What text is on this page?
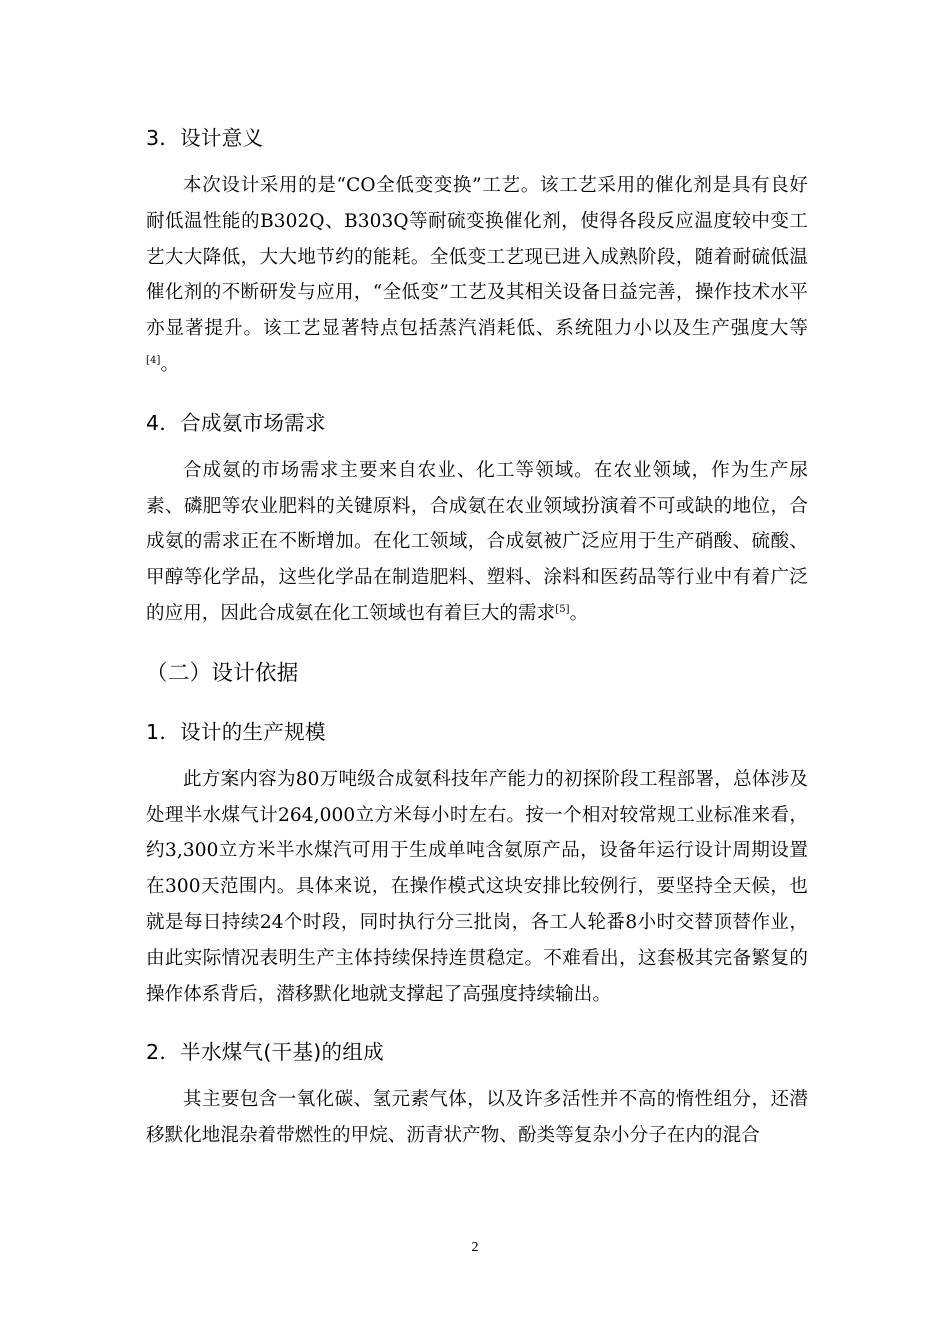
3．设计意义

本次设计采用的是“CO全低变变换”工艺。该工艺采用的催化剂是具有良好耐低温性能的B302Q、B303Q等耐硫变换催化剂，使得各段反应温度较中变工艺大大降低，大大地节约的能耗。全低变工艺现已进入成熟阶段，随着耐硫低温催化剂的不断研发与应用，“全低变”工艺及其相关设备日益完善，操作技术水平亦显著提升。该工艺显著特点包括蒸汽消耗低、系统阻力小以及生产强度大等[4]。

4．合成氨市场需求

合成氨的市场需求主要来自农业、化工等领域。在农业领域，作为生产尿素、磷肥等农业肥料的关键原料，合成氨在农业领域扮演着不可或缺的地位，合成氨的需求正在不断增加。在化工领域，合成氨被广泛应用于生产硝酸、硫酸、甲醇等化学品，这些化学品在制造肥料、塑料、涂料和医药品等行业中有着广泛的应用，因此合成氨在化工领域也有着巨大的需求[5]。

（二）设计依据
1．设计的生产规模

此方案内容为80万吨级合成氨科技年产能力的初探阶段工程部署，总体涉及处理半水煤气计264,000立方米每小时左右。按一个相对较常规工业标准来看，约3,300立方米半水煤汽可用于生成单吨含氨原产品，设备年运行设计周期设置在300天范围内。具体来说，在操作模式这块安排比较例行，要坚持全天候，也就是每日持续24个时段，同时执行分三批岗，各工人轮番8小时交替顶替作业，由此实际情况表明生产主体持续保持连贯稳定。不难看出，这套极其完备繁复的操作体系背后，潜移默化地就支撑起了高强度持续输出。

2．半水煤气(干基)的组成

其主要包含一氧化碳、氢元素气体，以及许多活性并不高的惰性组分，还潜移默化地混杂着带燃性的甲烷、沥青状产物、酚类等复杂小分子在内的混合

2
